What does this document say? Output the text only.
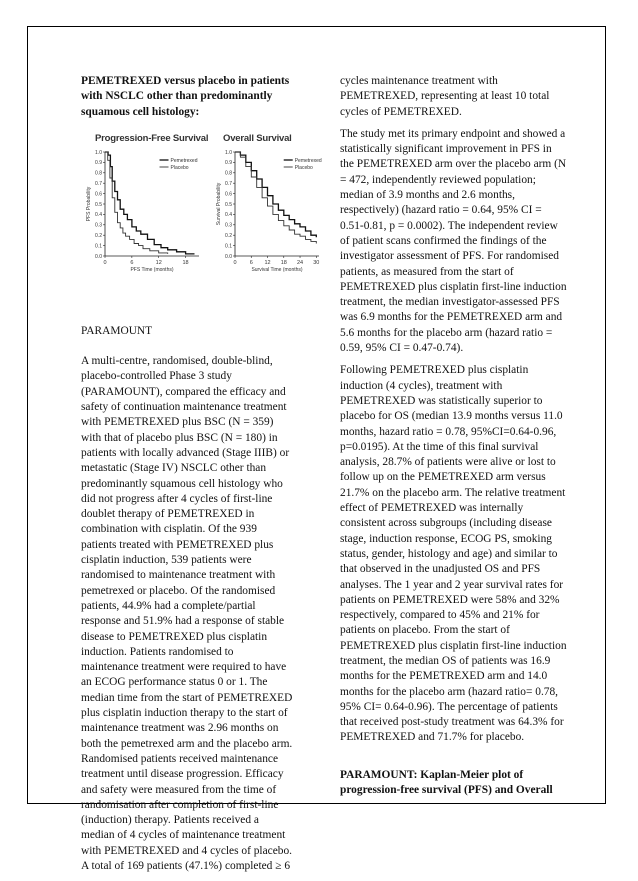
PEMETREXED versus placebo in patients with NSCLC other than predominantly squamous cell histology:

Progression-Free Survival Overall Survival
0.0
0.1
0.2
0.3
0.4
0.5
0.6
0.7
0.8
0.9
1.0
0	6	12	18
PFS Time (months)
PFS Probability
Pemetrexed
Placebo
0.0
0.1
0.2
0.3
0.4
0.5
0.6
0.7
0.8
0.9
1.0
0 6 12 18 24 30
Survival Time (months)
Survival Probability
Pemetrexed
Placebo

PARAMOUNT

A multi-centre, randomised, double-blind, placebo-controlled Phase 3 study (PARAMOUNT), compared the efficacy and safety of continuation maintenance treatment with PEMETREXED plus BSC (N = 359) with that of placebo plus BSC (N = 180) in patients with locally advanced (Stage IIIB) or metastatic (Stage IV) NSCLC other than predominantly squamous cell histology who did not progress after 4 cycles of first-line doublet therapy of PEMETREXED in combination with cisplatin. Of the 939 patients treated with PEMETREXED plus cisplatin induction, 539 patients were randomised to maintenance treatment with pemetrexed or placebo. Of the randomised patients, 44.9% had a complete/partial response and 51.9% had a response of stable disease to PEMETREXED plus cisplatin induction. Patients randomised to maintenance treatment were required to have an ECOG performance status 0 or 1. The median time from the start of PEMETREXED plus cisplatin induction therapy to the start of maintenance treatment was 2.96 months on both the pemetrexed arm and the placebo arm. Randomised patients received maintenance treatment until disease progression. Efficacy and safety were measured from the time of randomisation after completion of first-line (induction) therapy. Patients received a median of 4 cycles of maintenance treatment with PEMETREXED and 4 cycles of placebo. A total of 169 patients (47.1%) completed ≥ 6

cycles maintenance treatment with PEMETREXED, representing at least 10 total cycles of PEMETREXED.

The study met its primary endpoint and showed a statistically significant improvement in PFS in the PEMETREXED arm over the placebo arm (N = 472, independently reviewed population; median of 3.9 months and 2.6 months, respectively) (hazard ratio = 0.64, 95% CI = 0.51-0.81, p = 0.0002). The independent review of patient scans confirmed the findings of the investigator assessment of PFS. For randomised patients, as measured from the start of PEMETREXED plus cisplatin first-line induction treatment, the median investigator-assessed PFS was 6.9 months for the PEMETREXED arm and 5.6 months for the placebo arm (hazard ratio = 0.59, 95% CI = 0.47-0.74).

Following PEMETREXED plus cisplatin induction (4 cycles), treatment with PEMETREXED was statistically superior to placebo for OS (median 13.9 months versus 11.0 months, hazard ratio = 0.78, 95%CI=0.64-0.96, p=0.0195). At the time of this final survival analysis, 28.7% of patients were alive or lost to follow up on the PEMETREXED arm versus 21.7% on the placebo arm. The relative treatment effect of PEMETREXED was internally consistent across subgroups (including disease stage, induction response, ECOG PS, smoking status, gender, histology and age) and similar to that observed in the unadjusted OS and PFS analyses. The 1 year and 2 year survival rates for patients on PEMETREXED were 58% and 32% respectively, compared to 45% and 21% for patients on placebo. From the start of PEMETREXED plus cisplatin first-line induction treatment, the median OS of patients was 16.9 months for the PEMETREXED arm and 14.0 months for the placebo arm (hazard ratio= 0.78, 95% CI= 0.64-0.96). The percentage of patients that received post-study treatment was 64.3% for PEMETREXED and 71.7% for placebo.

PARAMOUNT: Kaplan-Meier plot of progression-free survival (PFS) and Overall
